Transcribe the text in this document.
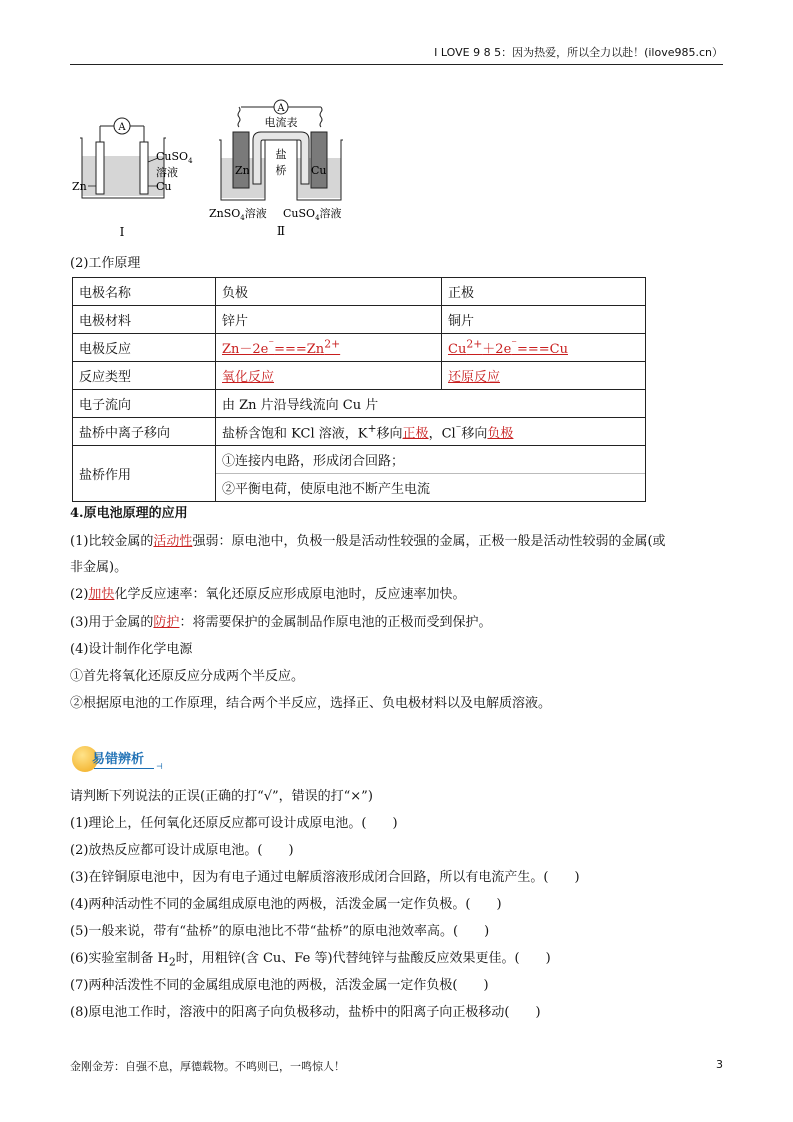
I LOVE 9 8 5：因为热爱，所以全力以赴！(ilove985.cn）
A
CuSO$_4$
溶液
Cu
Zn
Ⅰ
A
电流表
盐
桥
Zn	Cu
ZnSO$_4$溶液 CuSO$_4$溶液
Ⅱ
(2)工作原理
电极名称	负极	正极
电极材料	锌片	铜片
电极反应	$Zn-2e^{^-}===Zn^{2+}$	$Cu^{2+}+2e^{^-}===Cu$
反应类型	氧化反应	还原反应
电子流向	由 Zn 片沿导线流向 Cu 片	
盐桥中离子移向	盐桥含饱和 KCl 溶液，K+移向正极，Cl⁻移向负极	
盐桥作用	①连接内电路，形成闭合回路；
②平衡电荷，使原电池不断产生电流	
4.原电池原理的应用
(1)比较金属的活动性强弱：原电池中，负极一般是活动性较强的金属，正极一般是活动性较弱的金属(或
非金属)。
(2)加快化学反应速率：氧化还原反应形成原电池时，反应速率加快。
(3)用于金属的防护：将需要保护的金属制品作原电池的正极而受到保护。
(4)设计制作化学电源
①首先将氧化还原反应分成两个半反应。
②根据原电池的工作原理，结合两个半反应，选择正、负电极材料以及电解质溶液。
易错辨析 ⊣
请判断下列说法的正误(正确的打“√”，错误的打“×”)
(1)理论上，任何氧化还原反应都可设计成原电池。(　　)
(2)放热反应都可设计成原电池。(　　)
(3)在锌铜原电池中，因为有电子通过电解质溶液形成闭合回路，所以有电流产生。(　　)
(4)两种活动性不同的金属组成原电池的两极，活泼金属一定作负极。(　　)
(5)一般来说，带有“盐桥”的原电池比不带“盐桥”的原电池效率高。(　　)
(6)实验室制备 $H_2$时，用粗锌(含 Cu、Fe 等)代替纯锌与盐酸反应效果更佳。(　　)
(7)两种活泼性不同的金属组成原电池的两极，活泼金属一定作负极(　　)
(8)原电池工作时，溶液中的阳离子向负极移动，盐桥中的阳离子向正极移动(　　)
金刚金芳：自强不息，厚德载物。不鸣则已，一鸣惊人！	3
